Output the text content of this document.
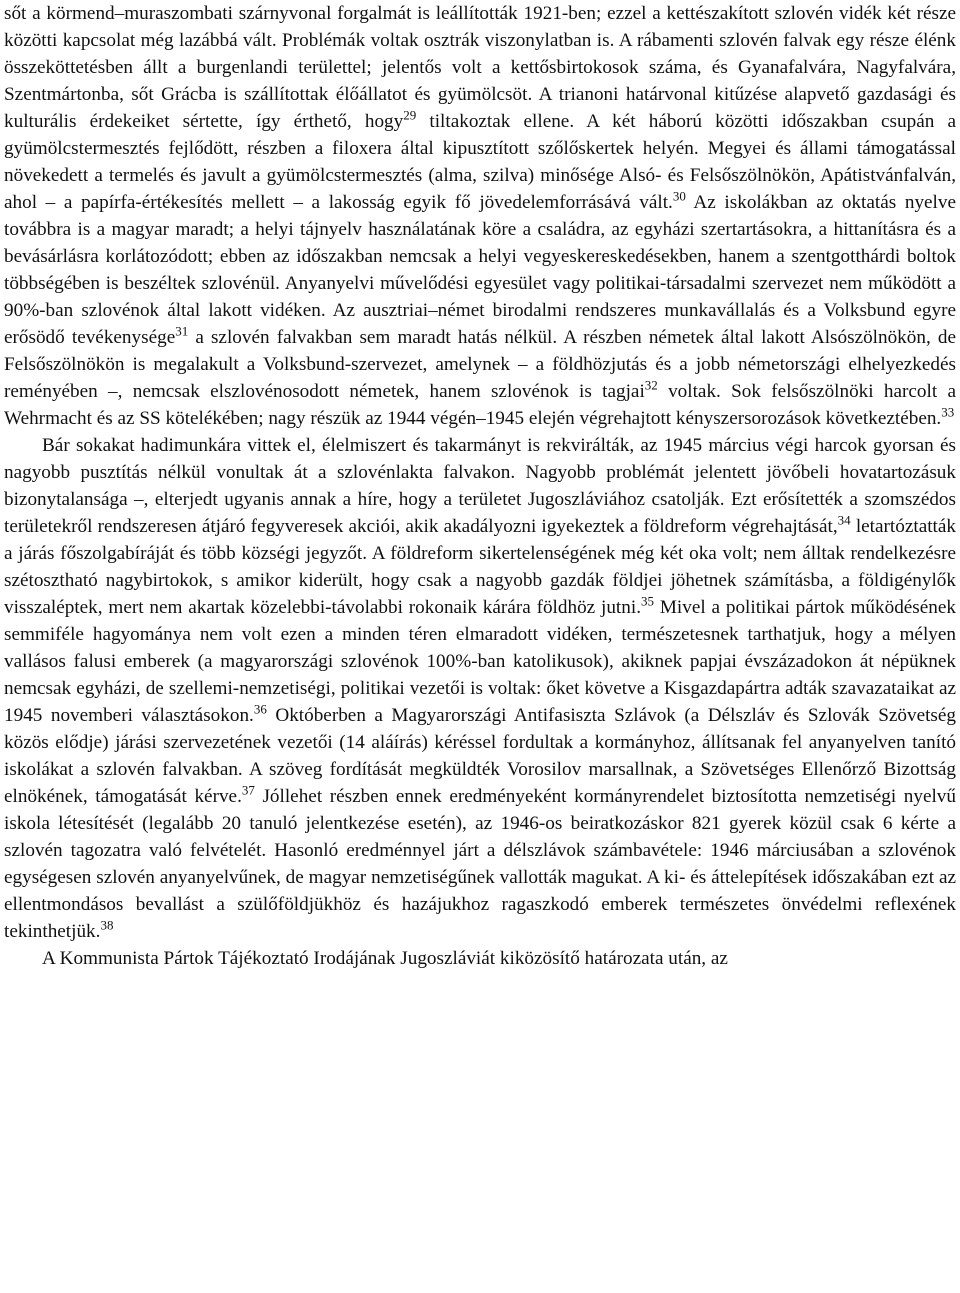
sőt a körmend–muraszombati szárnyvonal forgalmát is leállították 1921-ben; ezzel a kettészakított szlovén vidék két része közötti kapcsolat még lazábbá vált. Problémák voltak osztrák viszonylatban is. A rábamenti szlovén falvak egy része élénk összeköttetésben állt a burgenlandi területtel; jelentős volt a kettősbirtokosok száma, és Gyanafalvára, Nagyfalvára, Szentmártonba, sőt Grácba is szállítottak élőállatot és gyümölcsöt. A trianoni határvonal kitűzése alapvető gazdasági és kulturális érdekeiket sértette, így érthető, hogy$^{29}$ tiltakoztak ellene. A két háború közötti időszakban csupán a gyümölcstermesztés fejlődött, részben a filoxera által kipusztított szőlőskertek helyén. Megyei és állami támogatással növekedett a termelés és javult a gyümölcstermesztés (alma, szilva) minősége Alsó- és Felsőszölnökön, Apátistvánfalván, ahol – a papírfa-értékesítés mellett – a lakosság egyik fő jövedelemforrásává vált.$^{30}$ Az iskolákban az oktatás nyelve továbbra is a magyar maradt; a helyi tájnyelv használatának köre a családra, az egyházi szertartásokra, a hittanításra és a bevásárlásra korlátozódott; ebben az időszakban nemcsak a helyi vegyeskereskedésekben, hanem a szentgotthárdi boltok többségében is beszéltek szlovénül. Anyanyelvi művelődési egyesület vagy politikai-társadalmi szervezet nem működött a 90%-ban szlovénok által lakott vidéken. Az ausztriai–német birodalmi rendszeres munkavállalás és a Volksbund egyre erősödő tevékenysége$^{31}$ a szlovén falvakban sem maradt hatás nélkül. A részben németek által lakott Alsószölnökön, de Felsőszölnökön is megalakult a Volksbund-szervezet, amelynek – a földhözjutás és a jobb németországi elhelyezkedés reményében –, nemcsak elszlovénosodott németek, hanem szlovénok is tagjai$^{32}$ voltak. Sok felsőszölnöki harcolt a Wehrmacht és az SS kötelékében; nagy részük az 1944 végén–1945 elején végrehajtott kényszersorozások következtében.$^{33}$

Bár sokakat hadimunkára vittek el, élelmiszert és takarmányt is rekvirálták, az 1945 március végi harcok gyorsan és nagyobb pusztítás nélkül vonultak át a szlovénlakta falvakon. Nagyobb problémát jelentett jövőbeli hovatartozásuk bizonytalansága –, elterjedt ugyanis annak a híre, hogy a területet Jugoszláviához csatolják. Ezt erősítették a szomszédos területekről rendszeresen átjáró fegyveresek akciói, akik akadályozni igyekeztek a földreform végrehajtását,$^{34}$ letartóztatták a járás főszolgabíráját és több községi jegyzőt. A földreform sikertelenségének még két oka volt; nem álltak rendelkezésre szétosztható nagybirtokok, s amikor kiderült, hogy csak a nagyobb gazdák földjei jöhetnek számításba, a földigénylők visszaléptek, mert nem akartak közelebbi-távolabbi rokonaik kárára földhöz jutni.$^{35}$ Mivel a politikai pártok működésének semmiféle hagyománya nem volt ezen a minden téren elmaradott vidéken, természetesnek tarthatjuk, hogy a mélyen vallásos falusi emberek (a magyarországi szlovénok 100%-ban katolikusok), akiknek papjai évszázadokon át népüknek nemcsak egyházi, de szellemi-nemzetiségi, politikai vezetői is voltak: őket követve a Kisgazdapártra adták szavazataikat az 1945 novemberi választásokon.$^{36}$ Októberben a Magyarországi Antifasiszta Szlávok (a Délszláv és Szlovák Szövetség közös elődje) járási szervezetének vezetői (14 aláírás) kéréssel fordultak a kormányhoz, állítsanak fel anyanyelven tanító iskolákat a szlovén falvakban. A szöveg fordítását megküldték Vorosilov marsallnak, a Szövetséges Ellenőrző Bizottság elnökének, támogatását kérve.$^{37}$ Jóllehet részben ennek eredményeként kormányrendelet biztosította nemzetiségi nyelvű iskola létesítését (legalább 20 tanuló jelentkezése esetén), az 1946-os beiratkozáskor 821 gyerek közül csak 6 kérte a szlovén tagozatra való felvételét. Hasonló eredménnyel járt a délszlávok számbavétele: 1946 márciusában a szlovénok egységesen szlovén anyanyelvűnek, de magyar nemzetiségűnek vallották magukat. A ki- és áttelepítések időszakában ezt az ellentmondásos bevallást a szülőföldjükhöz és hazájukhoz ragaszkodó emberek természetes önvédelmi reflexének tekinthetjük.$^{38}$

A Kommunista Pártok Tájékoztató Irodájának Jugoszláviát kiközösítő határozata után, az
